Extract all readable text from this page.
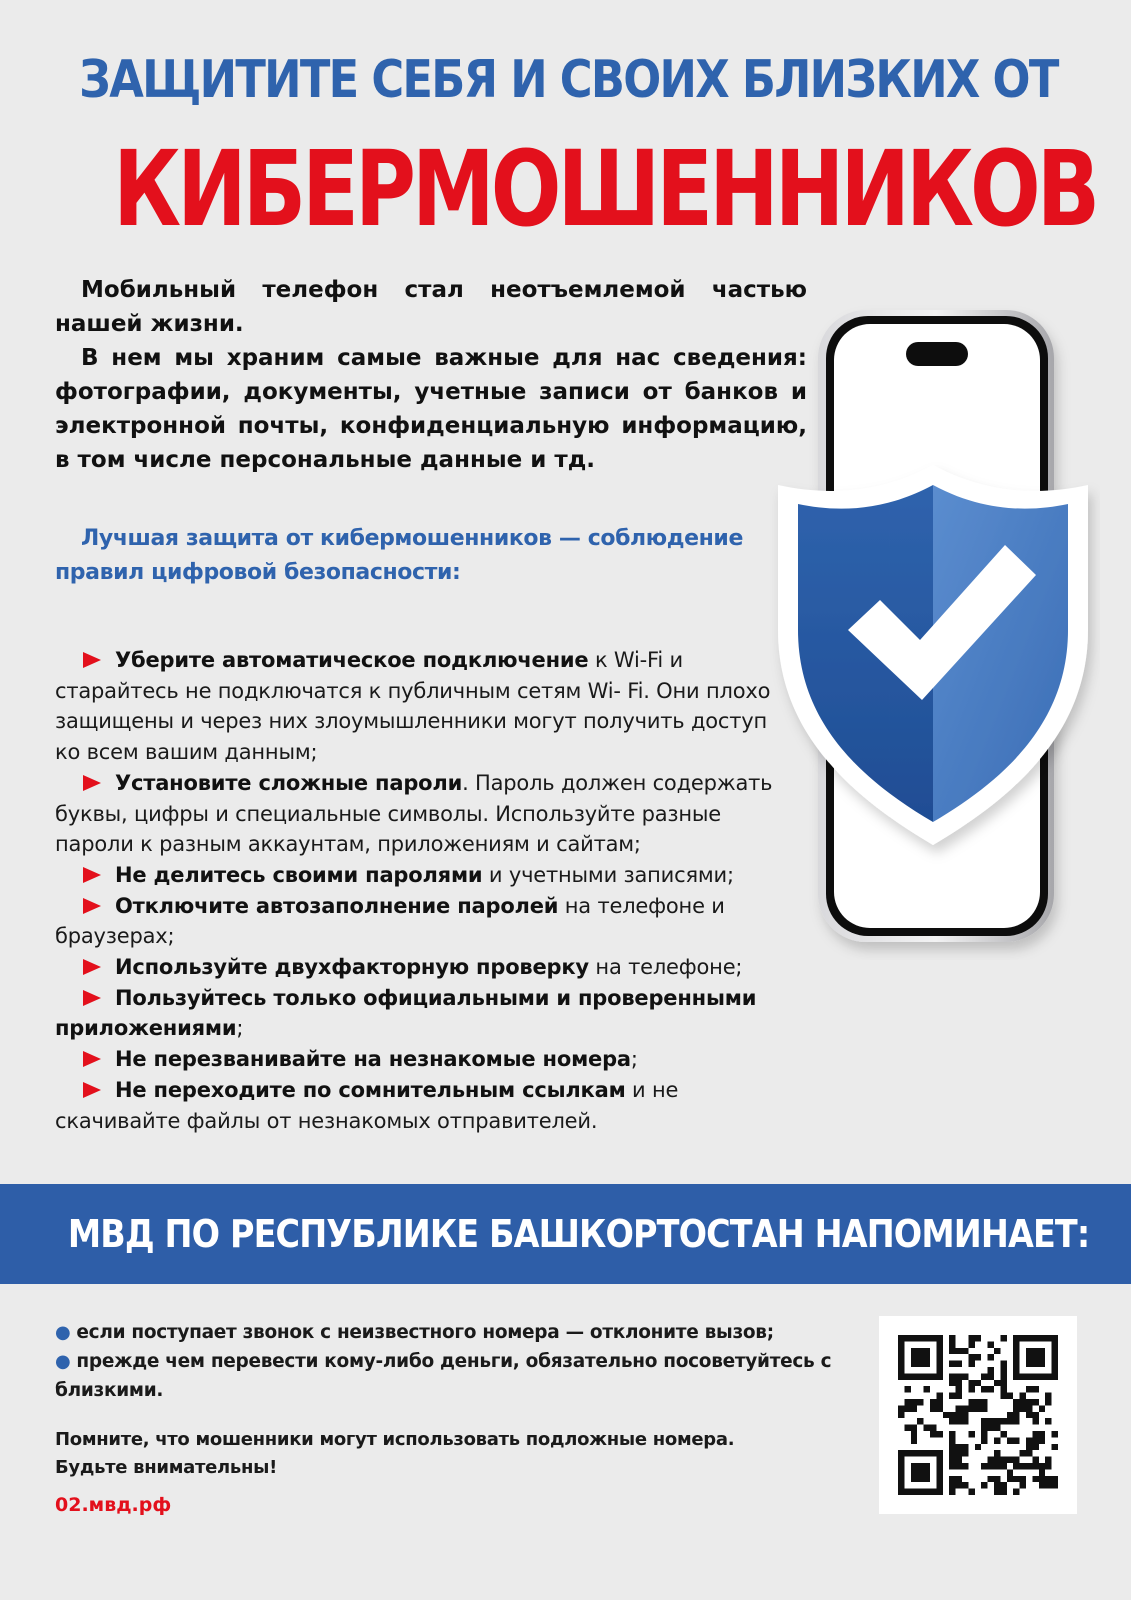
ЗАЩИТИТЕ СЕБЯ И СВОИХ БЛИЗКИХ ОТ
КИБЕРМОШЕННИКОВ

Мобильный телефон стал неотъемлемой частью нашей жизни.

В нем мы храним самые важные для нас сведения: фотографии, документы, учетные записи от банков и электронной почты, конфиденциальную информацию, в том числе персональные данные и тд.

Лучшая защита от кибермошенников — соблюдение правил цифровой безопасности:

Уберите автоматическое подключение к Wi-Fi и старайтесь не подключатся к публичным сетям Wi- Fi. Они плохо защищены и через них злоумышленники могут получить доступ ко всем вашим данным;

Установите сложные пароли. Пароль должен содержать буквы, цифры и специальные символы. Используйте разные пароли к разным аккаунтам, приложениям и сайтам;

Не делитесь своими паролями и учетными записями;

Отключите автозаполнение паролей на телефоне и браузерах;

Используйте двухфакторную проверку на телефоне;

Пользуйтесь только официальными и проверенными приложениями;

Не перезванивайте на незнакомые номера;

Не переходите по сомнительным ссылкам и не скачивайте файлы от незнакомых отправителей.

МВД ПО РЕСПУБЛИКЕ БАШКОРТОСТАН НАПОМИНАЕТ:

● если поступает звонок с неизвестного номера — отклоните вызов;

● прежде чем перевести кому-либо деньги, обязательно посоветуйтесь с близкими.

Помните, что мошенники могут использовать подложные номера.

Будьте внимательны!

02.мвд.рф
